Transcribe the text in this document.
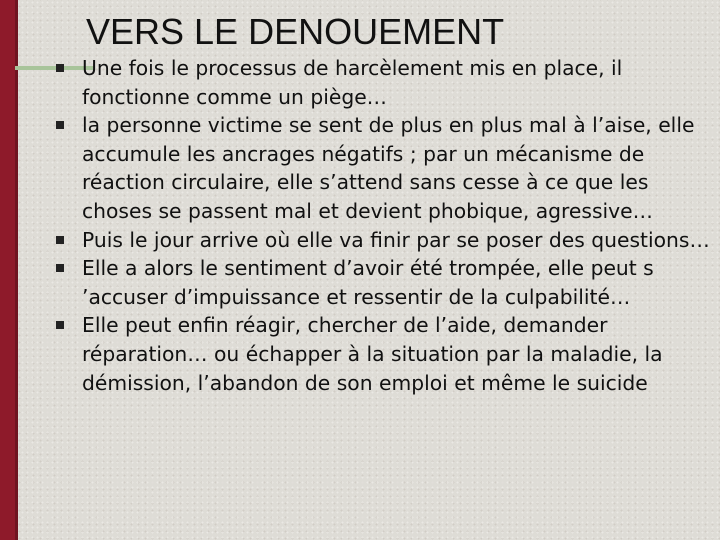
VERS LE DENOUEMENT
Une fois le processus de harcèlement mis en place, il fonctionne comme un piège…
la personne victime se sent de plus en plus mal à l’aise, elle accumule les ancrages négatifs ; par un mécanisme de réaction circulaire, elle s’attend sans cesse à ce que les choses se passent mal et devient phobique, agressive…
Puis le jour arrive où elle va finir par se poser des questions…
Elle a alors le sentiment d’avoir été trompée, elle peut s ’accuser d’impuissance et ressentir de la culpabilité…
Elle peut enfin réagir, chercher de l’aide, demander réparation… ou échapper à la situation par la maladie, la démission, l’abandon de son emploi et même le suicide
